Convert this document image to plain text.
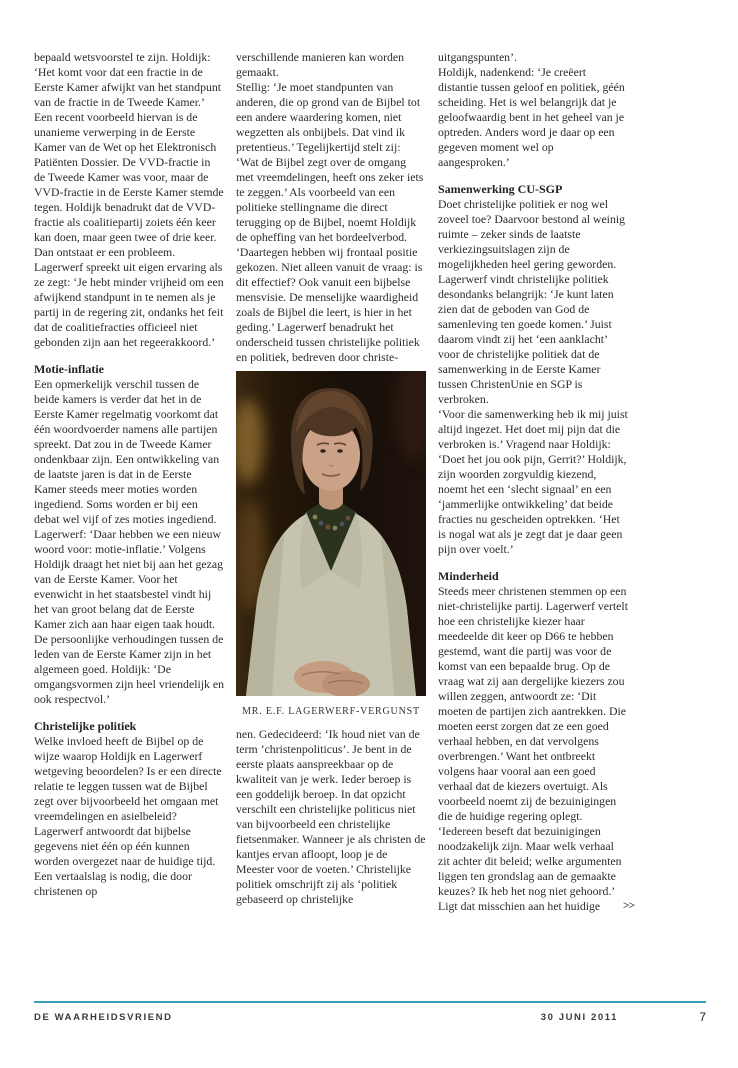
bepaald wetsvoorstel te zijn. Holdijk: ‘Het komt voor dat een fractie in de Eerste Kamer afwijkt van het standpunt van de fractie in de Tweede Kamer.’ Een recent voorbeeld hiervan is de unanieme verwerping in de Eerste Kamer van de Wet op het Elektronisch Patiënten Dossier. De VVD-fractie in de Tweede Kamer was voor, maar de VVD-fractie in de Eerste Kamer stemde tegen. Holdijk benadrukt dat de VVD-fractie als coalitiepartij zoiets één keer kan doen, maar geen twee of drie keer. Dan ontstaat er een probleem. Lagerwerf spreekt uit eigen ervaring als ze zegt: ‘Je hebt minder vrijheid om een afwijkend standpunt in te nemen als je partij in de regering zit, ondanks het feit dat de coalitiefracties officieel niet gebonden zijn aan het regeerakkoord.’

Motie-inflatie

Een opmerkelijk verschil tussen de beide kamers is verder dat het in de Eerste Kamer regelmatig voorkomt dat één woordvoerder namens alle partijen spreekt. Dat zou in de Tweede Kamer ondenkbaar zijn. Een ontwikkeling van de laatste jaren is dat in de Eerste Kamer steeds meer moties worden ingediend. Soms worden er bij een debat wel vijf of zes moties ingediend. Lagerwerf: ‘Daar hebben we een nieuw woord voor: motie-inflatie.’ Volgens Holdijk draagt het niet bij aan het gezag van de Eerste Kamer. Voor het evenwicht in het staatsbestel vindt hij het van groot belang dat de Eerste Kamer zich aan haar eigen taak houdt. De persoonlijke verhoudingen tussen de leden van de Eerste Kamer zijn in het algemeen goed. Holdijk: ‘De omgangsvormen zijn heel vriendelijk en ook respectvol.’

Christelijke politiek

Welke invloed heeft de Bijbel op de wijze waarop Holdijk en Lagerwerf wetgeving beoordelen? Is er een directe relatie te leggen tussen wat de Bijbel zegt over bijvoorbeeld het omgaan met vreemdelingen en asielbeleid? Lagerwerf antwoordt dat bijbelse gegevens niet één op één kunnen worden overgezet naar de huidige tijd. Een vertaalslag is nodig, die door christenen op

verschillende manieren kan worden gemaakt.

Stellig: ‘Je moet standpunten van anderen, die op grond van de Bijbel tot een andere waardering komen, niet wegzetten als onbijbels. Dat vind ik pretentieus.’ Tegelijkertijd stelt zij: ‘Wat de Bijbel zegt over de omgang met vreemdelingen, heeft ons zeker iets te zeggen.’ Als voorbeeld van een politieke stellingname die direct terugging op de Bijbel, noemt Holdijk de opheffing van het bordeelverbod. ‘Daartegen hebben wij frontaal positie gekozen. Niet alleen vanuit de vraag: is dit effectief? Ook vanuit een bijbelse mensvisie. De menselijke waardigheid zoals de Bijbel die leert, is hier in het geding.’ Lagerwerf benadrukt het onderscheid tussen christelijke politiek en politiek, bedreven door christe-

MR. E.F. LAGERWERF-VERGUNST

nen. Gedecideerd: ‘Ik houd niet van de term ’christenpoliticus’. Je bent in de eerste plaats aanspreekbaar op de kwaliteit van je werk. Ieder beroep is een goddelijk beroep. In dat opzicht verschilt een christelijke politicus niet van bijvoorbeeld een christelijke fietsenmaker. Wanneer je als christen de kantjes ervan afloopt, loop je de Meester voor de voeten.’ Christelijke politiek omschrijft zij als ‘politiek gebaseerd op christelijke

uitgangspunten’.

Holdijk, nadenkend: ‘Je creëert distantie tussen geloof en politiek, géén scheiding. Het is wel belangrijk dat je geloofwaardig bent in het geheel van je optreden. Anders word je daar op een gegeven moment wel op aangesproken.’

Samenwerking CU-SGP

Doet christelijke politiek er nog wel zoveel toe? Daarvoor bestond al weinig ruimte – zeker sinds de laatste verkiezingsuitslagen zijn de mogelijkheden heel gering geworden. Lagerwerf vindt christelijke politiek desondanks belangrijk: ‘Je kunt laten zien dat de geboden van God de samenleving ten goede komen.’ Juist daarom vindt zij het ‘een aanklacht’ voor de christelijke politiek dat de samenwerking in de Eerste Kamer tussen ChristenUnie en SGP is verbroken.

‘Voor die samenwerking heb ik mij juist altijd ingezet. Het doet mij pijn dat die verbroken is.’ Vragend naar Holdijk: ‘Doet het jou ook pijn, Gerrit?’ Holdijk, zijn woorden zorgvuldig kiezend, noemt het een ‘slecht signaal’ en een ‘jammerlijke ontwikkeling’ dat beide fracties nu gescheiden optrekken. ‘Het is nogal wat als je zegt dat je daar geen pijn over voelt.’

Minderheid

Steeds meer christenen stemmen op een niet-christelijke partij. Lagerwerf vertelt hoe een christelijke kiezer haar meedeelde dit keer op D66 te hebben gestemd, want die partij was voor de komst van een bepaalde brug. Op de vraag wat zij aan dergelijke kiezers zou willen zeggen, antwoordt ze: ‘Dit moeten de partijen zich aantrekken. Die moeten eerst zorgen dat ze een goed verhaal hebben, en dat vervolgens overbrengen.’ Want het ontbreekt volgens haar vooral aan een goed verhaal dat de kiezers overtuigt. Als voorbeeld noemt zij de bezuinigingen die de huidige regering oplegt. ‘Iedereen beseft dat bezuinigingen noodzakelijk zijn. Maar welk verhaal zit achter dit beleid; welke argumenten liggen ten grondslag aan de gemaakte keuzes? Ik heb het nog niet gehoord.’ Ligt dat misschien aan het huidige	>>
DE WAARHEIDSVRIEND	30 JUNI 2011	7
